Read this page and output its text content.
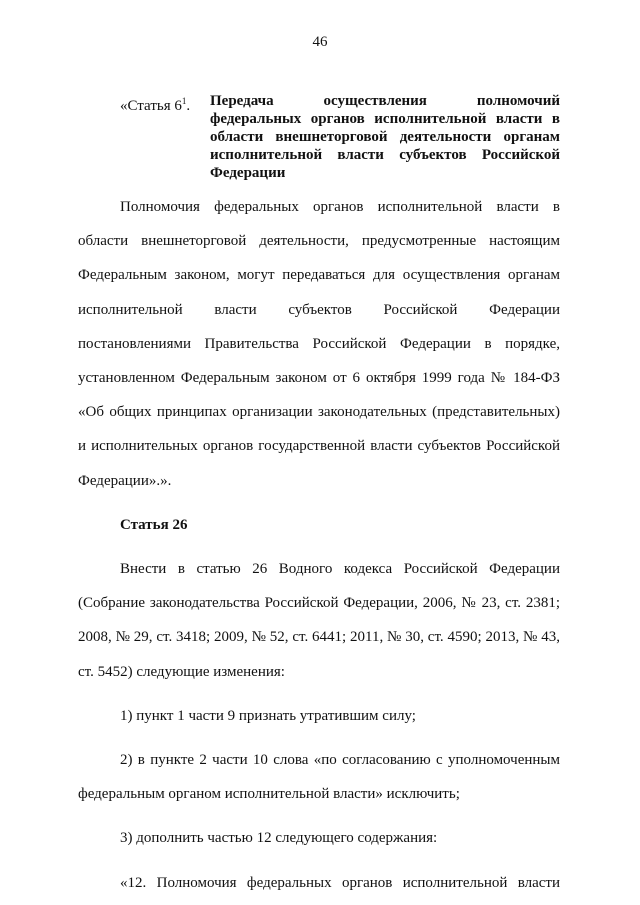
46
«Статья $6^1$.	Передача осуществления полномочий федеральных органов исполнительной власти в области внешнеторговой деятельности органам исполнительной власти субъектов Российской Федерации

Полномочия федеральных органов исполнительной власти в области внешнеторговой деятельности, предусмотренные настоящим Федеральным законом, могут передаваться для осуществления органам исполнительной власти субъектов Российской Федерации постановлениями Правительства Российской Федерации в порядке, установленном Федеральным законом от 6 октября 1999 года № 184-ФЗ «Об общих принципах организации законодательных (представительных) и исполнительных органов государственной власти субъектов Российской Федерации».».

Статья 26

Внести в статью 26 Водного кодекса Российской Федерации (Собрание законодательства Российской Федерации, 2006, № 23, ст. 2381; 2008, № 29, ст. 3418; 2009, № 52, ст. 6441; 2011, № 30, ст. 4590; 2013, № 43, ст. 5452) следующие изменения:

1) пункт 1 части 9 признать утратившим силу;

2) в пункте 2 части 10 слова «по согласованию с уполномоченным федеральным органом исполнительной власти» исключить;

3) дополнить частью 12 следующего содержания:

«12. Полномочия федеральных органов исполнительной власти
